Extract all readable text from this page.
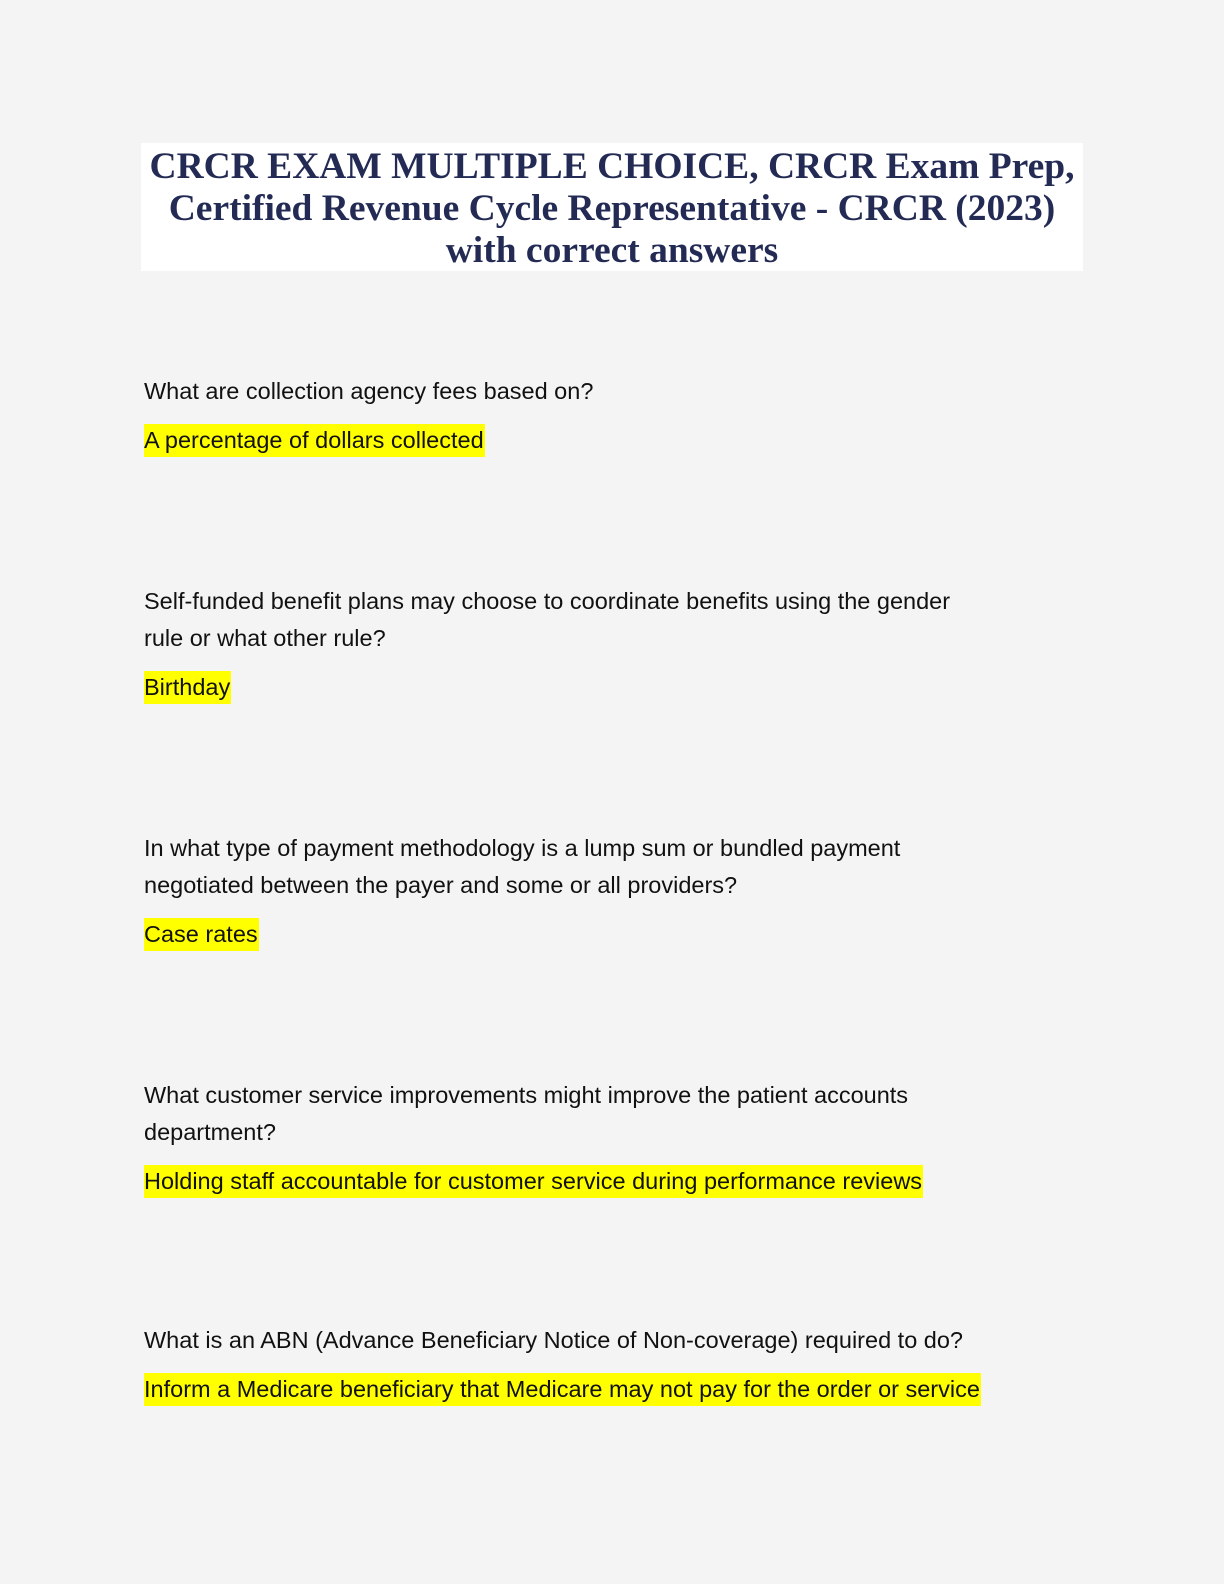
CRCR EXAM MULTIPLE CHOICE, CRCR Exam Prep,
Certified Revenue Cycle Representative - CRCR (2023)
with correct answers

What are collection agency fees based on?

A percentage of dollars collected

Self-funded benefit plans may choose to coordinate benefits using the gender
rule or what other rule?

Birthday

In what type of payment methodology is a lump sum or bundled payment
negotiated between the payer and some or all providers?

Case rates

What customer service improvements might improve the patient accounts
department?

Holding staff accountable for customer service during performance reviews

What is an ABN (Advance Beneficiary Notice of Non-coverage) required to do?

Inform a Medicare beneficiary that Medicare may not pay for the order or service
